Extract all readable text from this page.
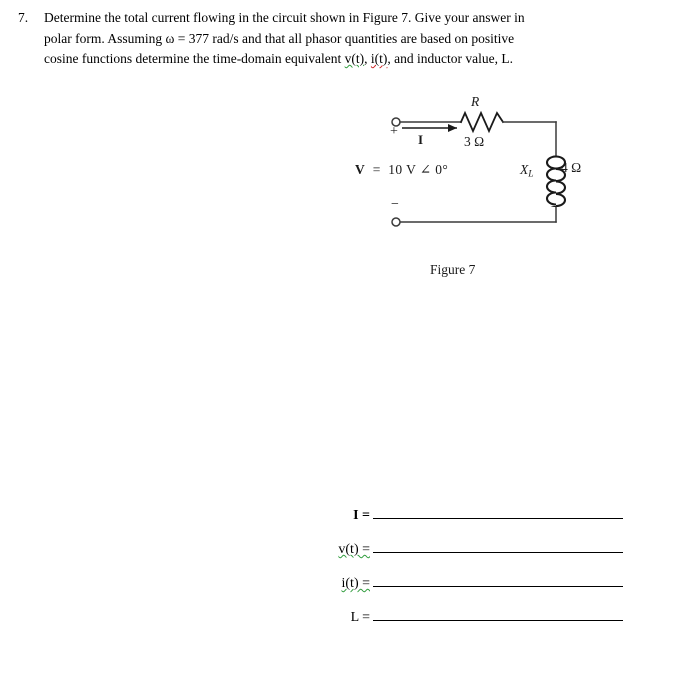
7.	Determine the total current flowing in the circuit shown in Figure 7. Give your answer in

polar form. Assuming ω = 377 rad/s and that all phasor quantities are based on positive

cosine functions determine the time-domain equivalent v(t), i(t), and inductor value, L.

R
3 Ω
$X_L$ 4 Ω
I
+
−
V  =  10 V ∠ 0°
Figure 7
I =
v(t) =
i(t) =
L =
